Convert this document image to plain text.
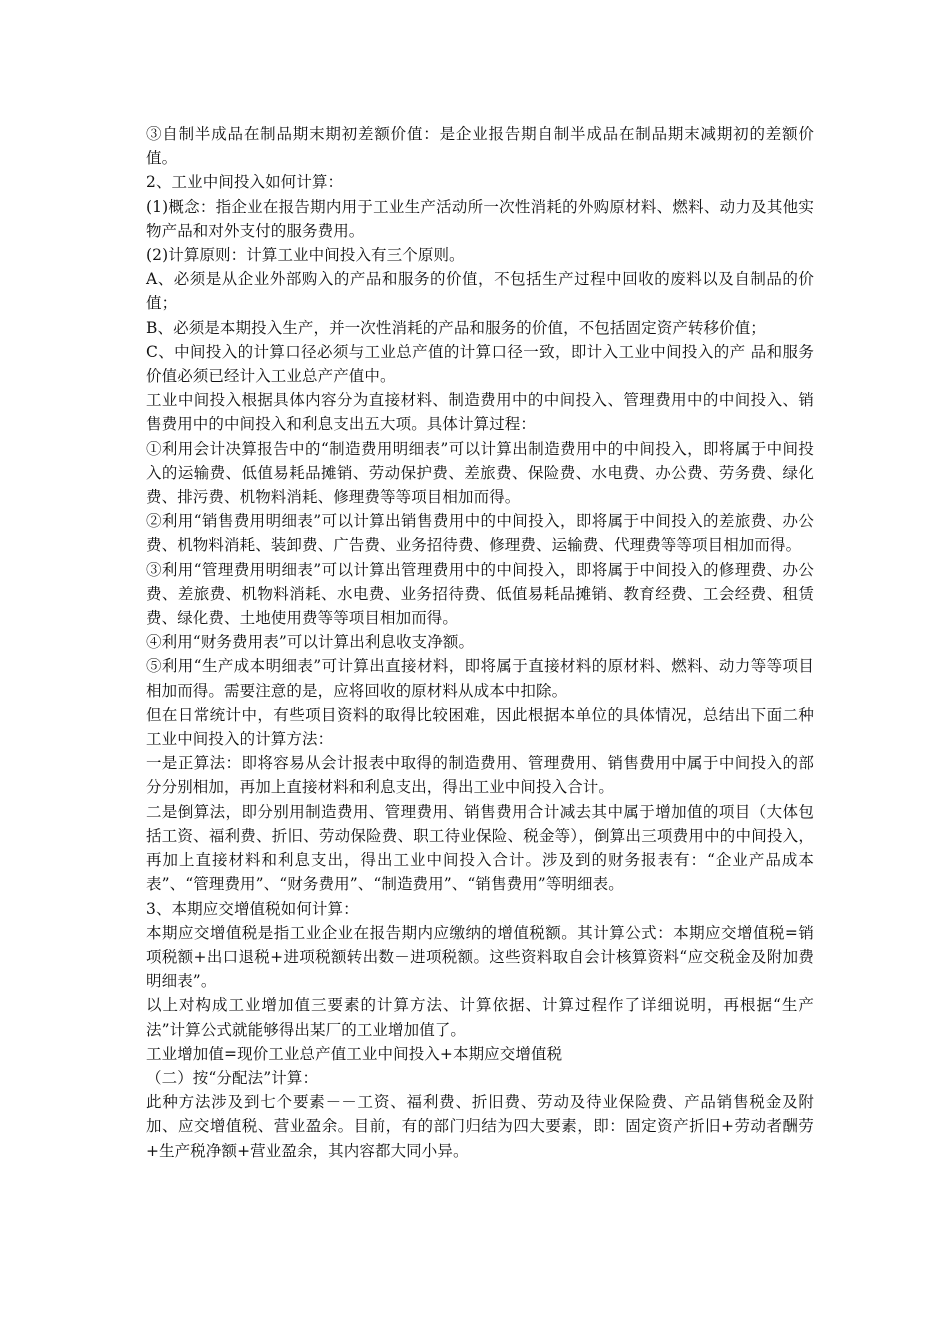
③自制半成品在制品期末期初差额价值：是企业报告期自制半成品在制品期末减期初的差额价值。

2、工业中间投入如何计算：

(1)概念：指企业在报告期内用于工业生产活动所一次性消耗的外购原材料、燃料、动力及其他实物产品和对外支付的服务费用。

(2)计算原则：计算工业中间投入有三个原则。

A、必须是从企业外部购入的产品和服务的价值，不包括生产过程中回收的废料以及自制品的价值；

B、必须是本期投入生产，并一次性消耗的产品和服务的价值，不包括固定资产转移价值；

C、中间投入的计算口径必须与工业总产值的计算口径一致，即计入工业中间投入的产 品和服务价值必须已经计入工业总产产值中。

工业中间投入根据具体内容分为直接材料、制造费用中的中间投入、管理费用中的中间投入、销售费用中的中间投入和利息支出五大项。具体计算过程：

①利用会计决算报告中的“制造费用明细表”可以计算出制造费用中的中间投入，即将属于中间投入的运输费、低值易耗品摊销、劳动保护费、差旅费、保险费、水电费、办公费、劳务费、绿化费、排污费、机物料消耗、修理费等等项目相加而得。

②利用“销售费用明细表”可以计算出销售费用中的中间投入，即将属于中间投入的差旅费、办公费、机物料消耗、装卸费、广告费、业务招待费、修理费、运输费、代理费等等项目相加而得。

③利用“管理费用明细表”可以计算出管理费用中的中间投入，即将属于中间投入的修理费、办公费、差旅费、机物料消耗、水电费、业务招待费、低值易耗品摊销、教育经费、工会经费、租赁费、绿化费、土地使用费等等项目相加而得。

④利用“财务费用表”可以计算出利息收支净额。

⑤利用“生产成本明细表”可计算出直接材料，即将属于直接材料的原材料、燃料、动力等等项目相加而得。需要注意的是，应将回收的原材料从成本中扣除。

但在日常统计中，有些项目资料的取得比较困难，因此根据本单位的具体情况，总结出下面二种工业中间投入的计算方法：

一是正算法：即将容易从会计报表中取得的制造费用、管理费用、销售费用中属于中间投入的部分分别相加，再加上直接材料和利息支出，得出工业中间投入合计。

二是倒算法，即分别用制造费用、管理费用、销售费用合计减去其中属于增加值的项目（大体包括工资、福利费、折旧、劳动保险费、职工待业保险、税金等），倒算出三项费用中的中间投入，再加上直接材料和利息支出，得出工业中间投入合计。涉及到的财务报表有：“企业产品成本表”、“管理费用”、“财务费用”、“制造费用”、“销售费用”等明细表。

3、本期应交增值税如何计算：

本期应交增值税是指工业企业在报告期内应缴纳的增值税额。其计算公式：本期应交增值税=销项税额+出口退税+进项税额转出数－进项税额。这些资料取自会计核算资料“应交税金及附加费明细表”。

以上对构成工业增加值三要素的计算方法、计算依据、计算过程作了详细说明，再根据“生产法”计算公式就能够得出某厂的工业增加值了。

工业增加值=现价工业总产值工业中间投入+本期应交增值税

（二）按“分配法”计算：

此种方法涉及到七个要素－－工资、福利费、折旧费、劳动及待业保险费、产品销售税金及附加、应交增值税、营业盈余。目前，有的部门归结为四大要素，即：固定资产折旧+劳动者酬劳+生产税净额+营业盈余，其内容都大同小异。
